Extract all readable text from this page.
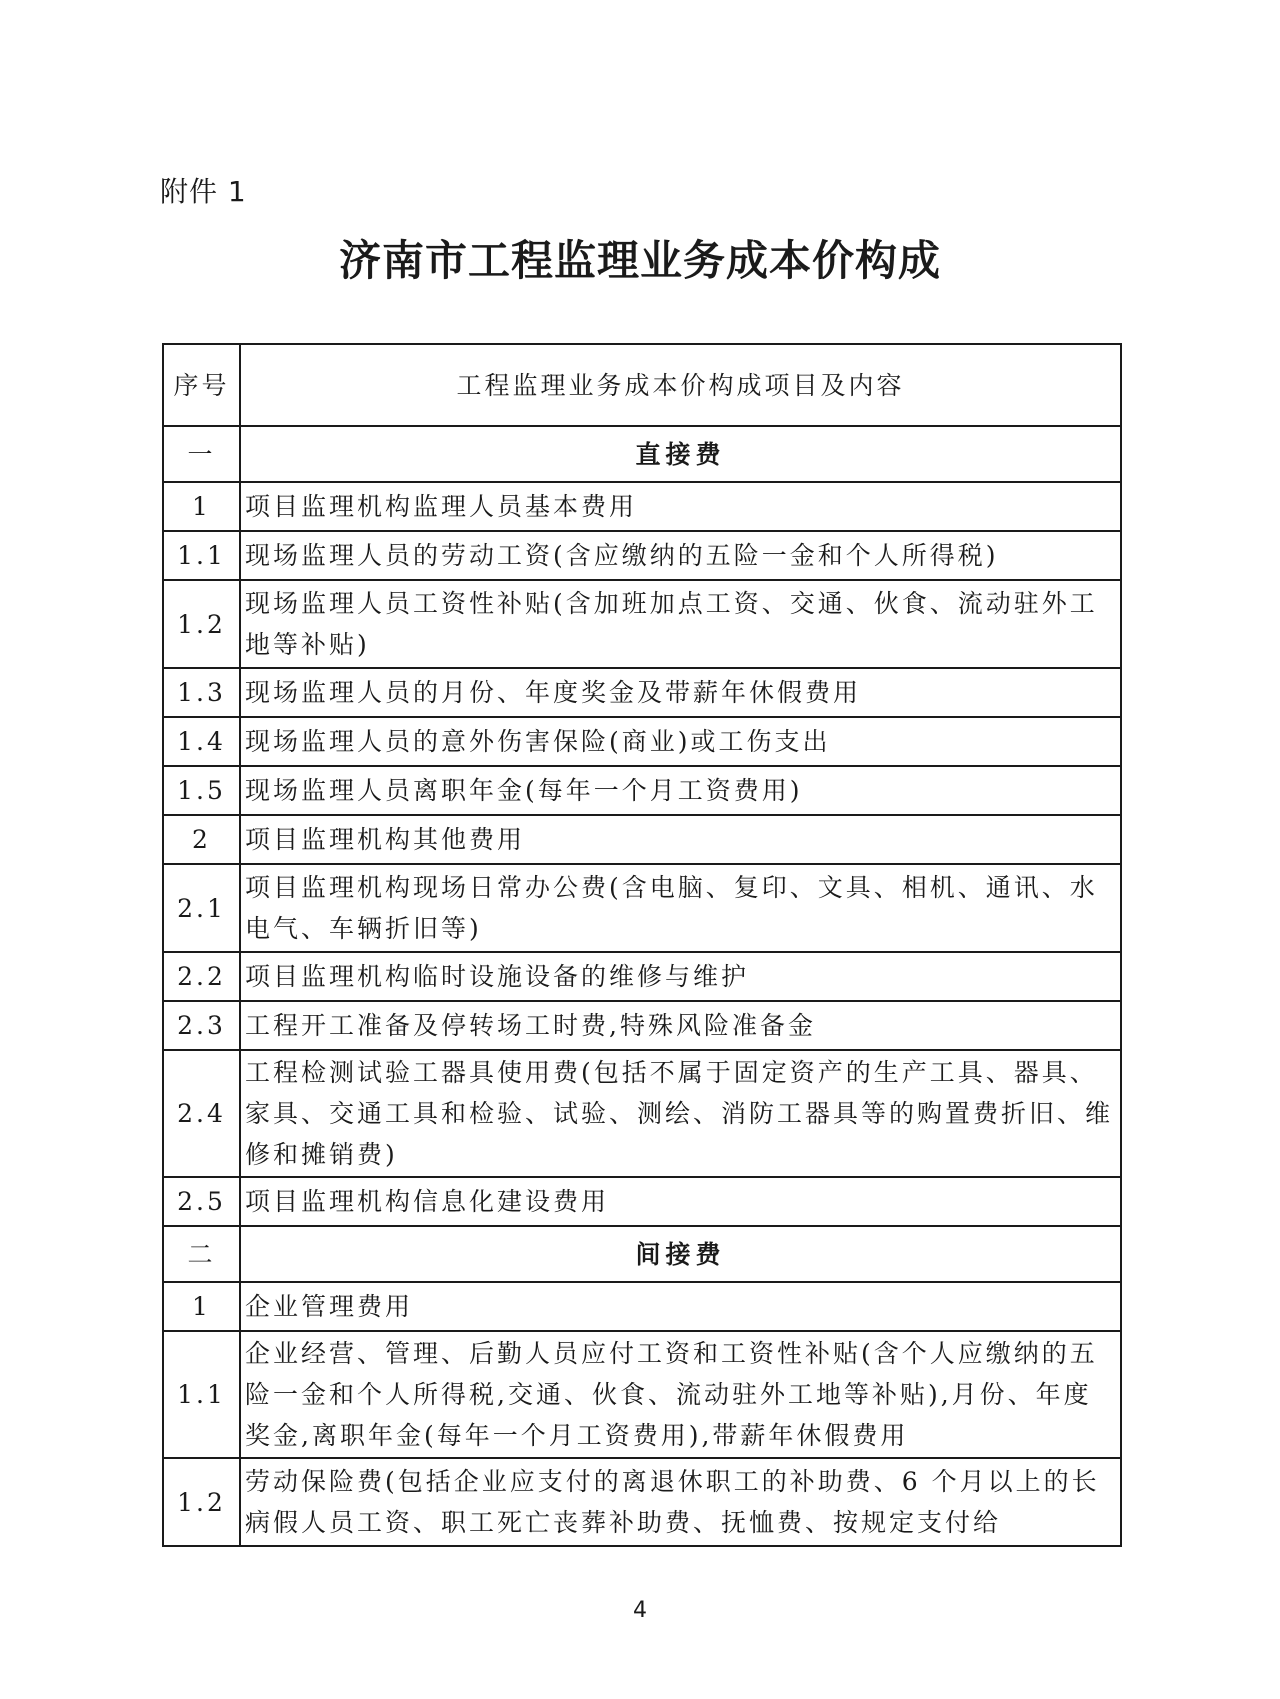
附件 1
济南市工程监理业务成本价构成
序号	工程监理业务成本价构成项目及内容
一	直接费
1	项目监理机构监理人员基本费用
1.1	现场监理人员的劳动工资(含应缴纳的五险一金和个人所得税)
1.2	现场监理人员工资性补贴(含加班加点工资、交通、伙食、流动驻外工地等补贴)
1.3	现场监理人员的月份、年度奖金及带薪年休假费用
1.4	现场监理人员的意外伤害保险(商业)或工伤支出
1.5	现场监理人员离职年金(每年一个月工资费用)
2	项目监理机构其他费用
2.1	项目监理机构现场日常办公费(含电脑、复印、文具、相机、通讯、水电气、车辆折旧等)
2.2	项目监理机构临时设施设备的维修与维护
2.3	工程开工准备及停转场工时费,特殊风险准备金
2.4	工程检测试验工器具使用费(包括不属于固定资产的生产工具、器具、家具、交通工具和检验、试验、测绘、消防工器具等的购置费折旧、维修和摊销费)
2.5	项目监理机构信息化建设费用
二	间接费
1	企业管理费用
1.1	企业经营、管理、后勤人员应付工资和工资性补贴(含个人应缴纳的五险一金和个人所得税,交通、伙食、流动驻外工地等补贴),月份、年度奖金,离职年金(每年一个月工资费用),带薪年休假费用
1.2	劳动保险费(包括企业应支付的离退休职工的补助费、6 个月以上的长病假人员工资、职工死亡丧葬补助费、抚恤费、按规定支付给
4
